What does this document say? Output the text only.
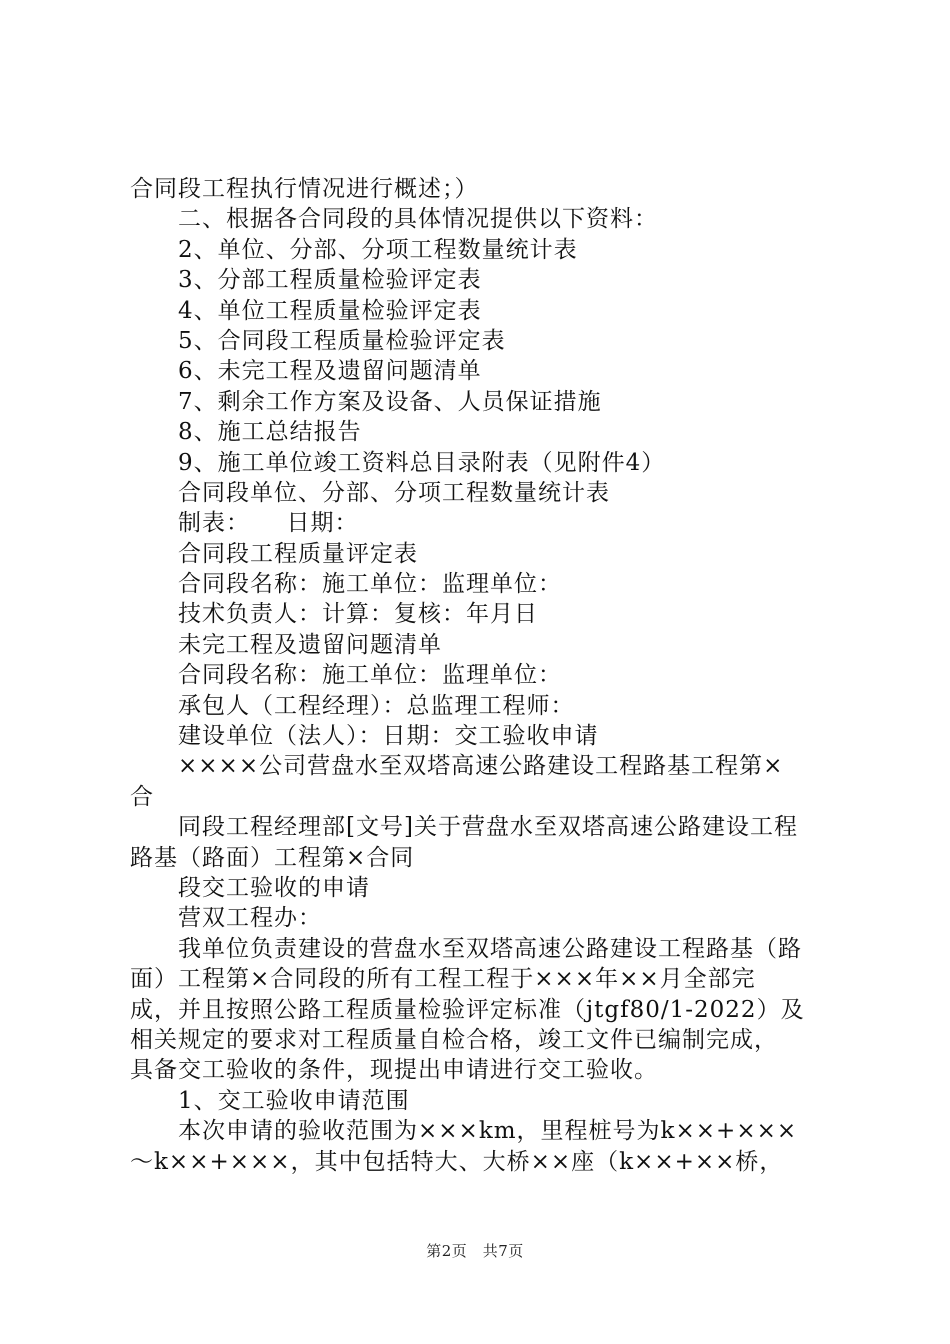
合同段工程执行情况进行概述；）
二、根据各合同段的具体情况提供以下资料：
2、单位、分部、分项工程数量统计表
3、分部工程质量检验评定表
4、单位工程质量检验评定表
5、合同段工程质量检验评定表
6、未完工程及遗留问题清单
7、剩余工作方案及设备、人员保证措施
8、施工总结报告
9、施工单位竣工资料总目录附表（见附件4）
合同段单位、分部、分项工程数量统计表
制表：　　日期：
合同段工程质量评定表
合同段名称：施工单位：监理单位：
技术负责人：计算：复核：年月日
未完工程及遗留问题清单
合同段名称：施工单位：监理单位：
承包人（工程经理）：总监理工程师：
建设单位（法人）：日期：交工验收申请
××××公司营盘水至双塔高速公路建设工程路基工程第×
合
同段工程经理部[文号]关于营盘水至双塔高速公路建设工程
路基（路面）工程第×合同
段交工验收的申请
营双工程办：
我单位负责建设的营盘水至双塔高速公路建设工程路基（路
面）工程第×合同段的所有工程工程于×××年××月全部完
成，并且按照公路工程质量检验评定标准（jtgf80/1-2022）及
相关规定的要求对工程质量自检合格，竣工文件已编制完成，
具备交工验收的条件，现提出申请进行交工验收。
1、交工验收申请范围
本次申请的验收范围为×××km，里程桩号为k××+×××
～k××+×××，其中包括特大、大桥××座（k××+××桥，
第2页　共7页
